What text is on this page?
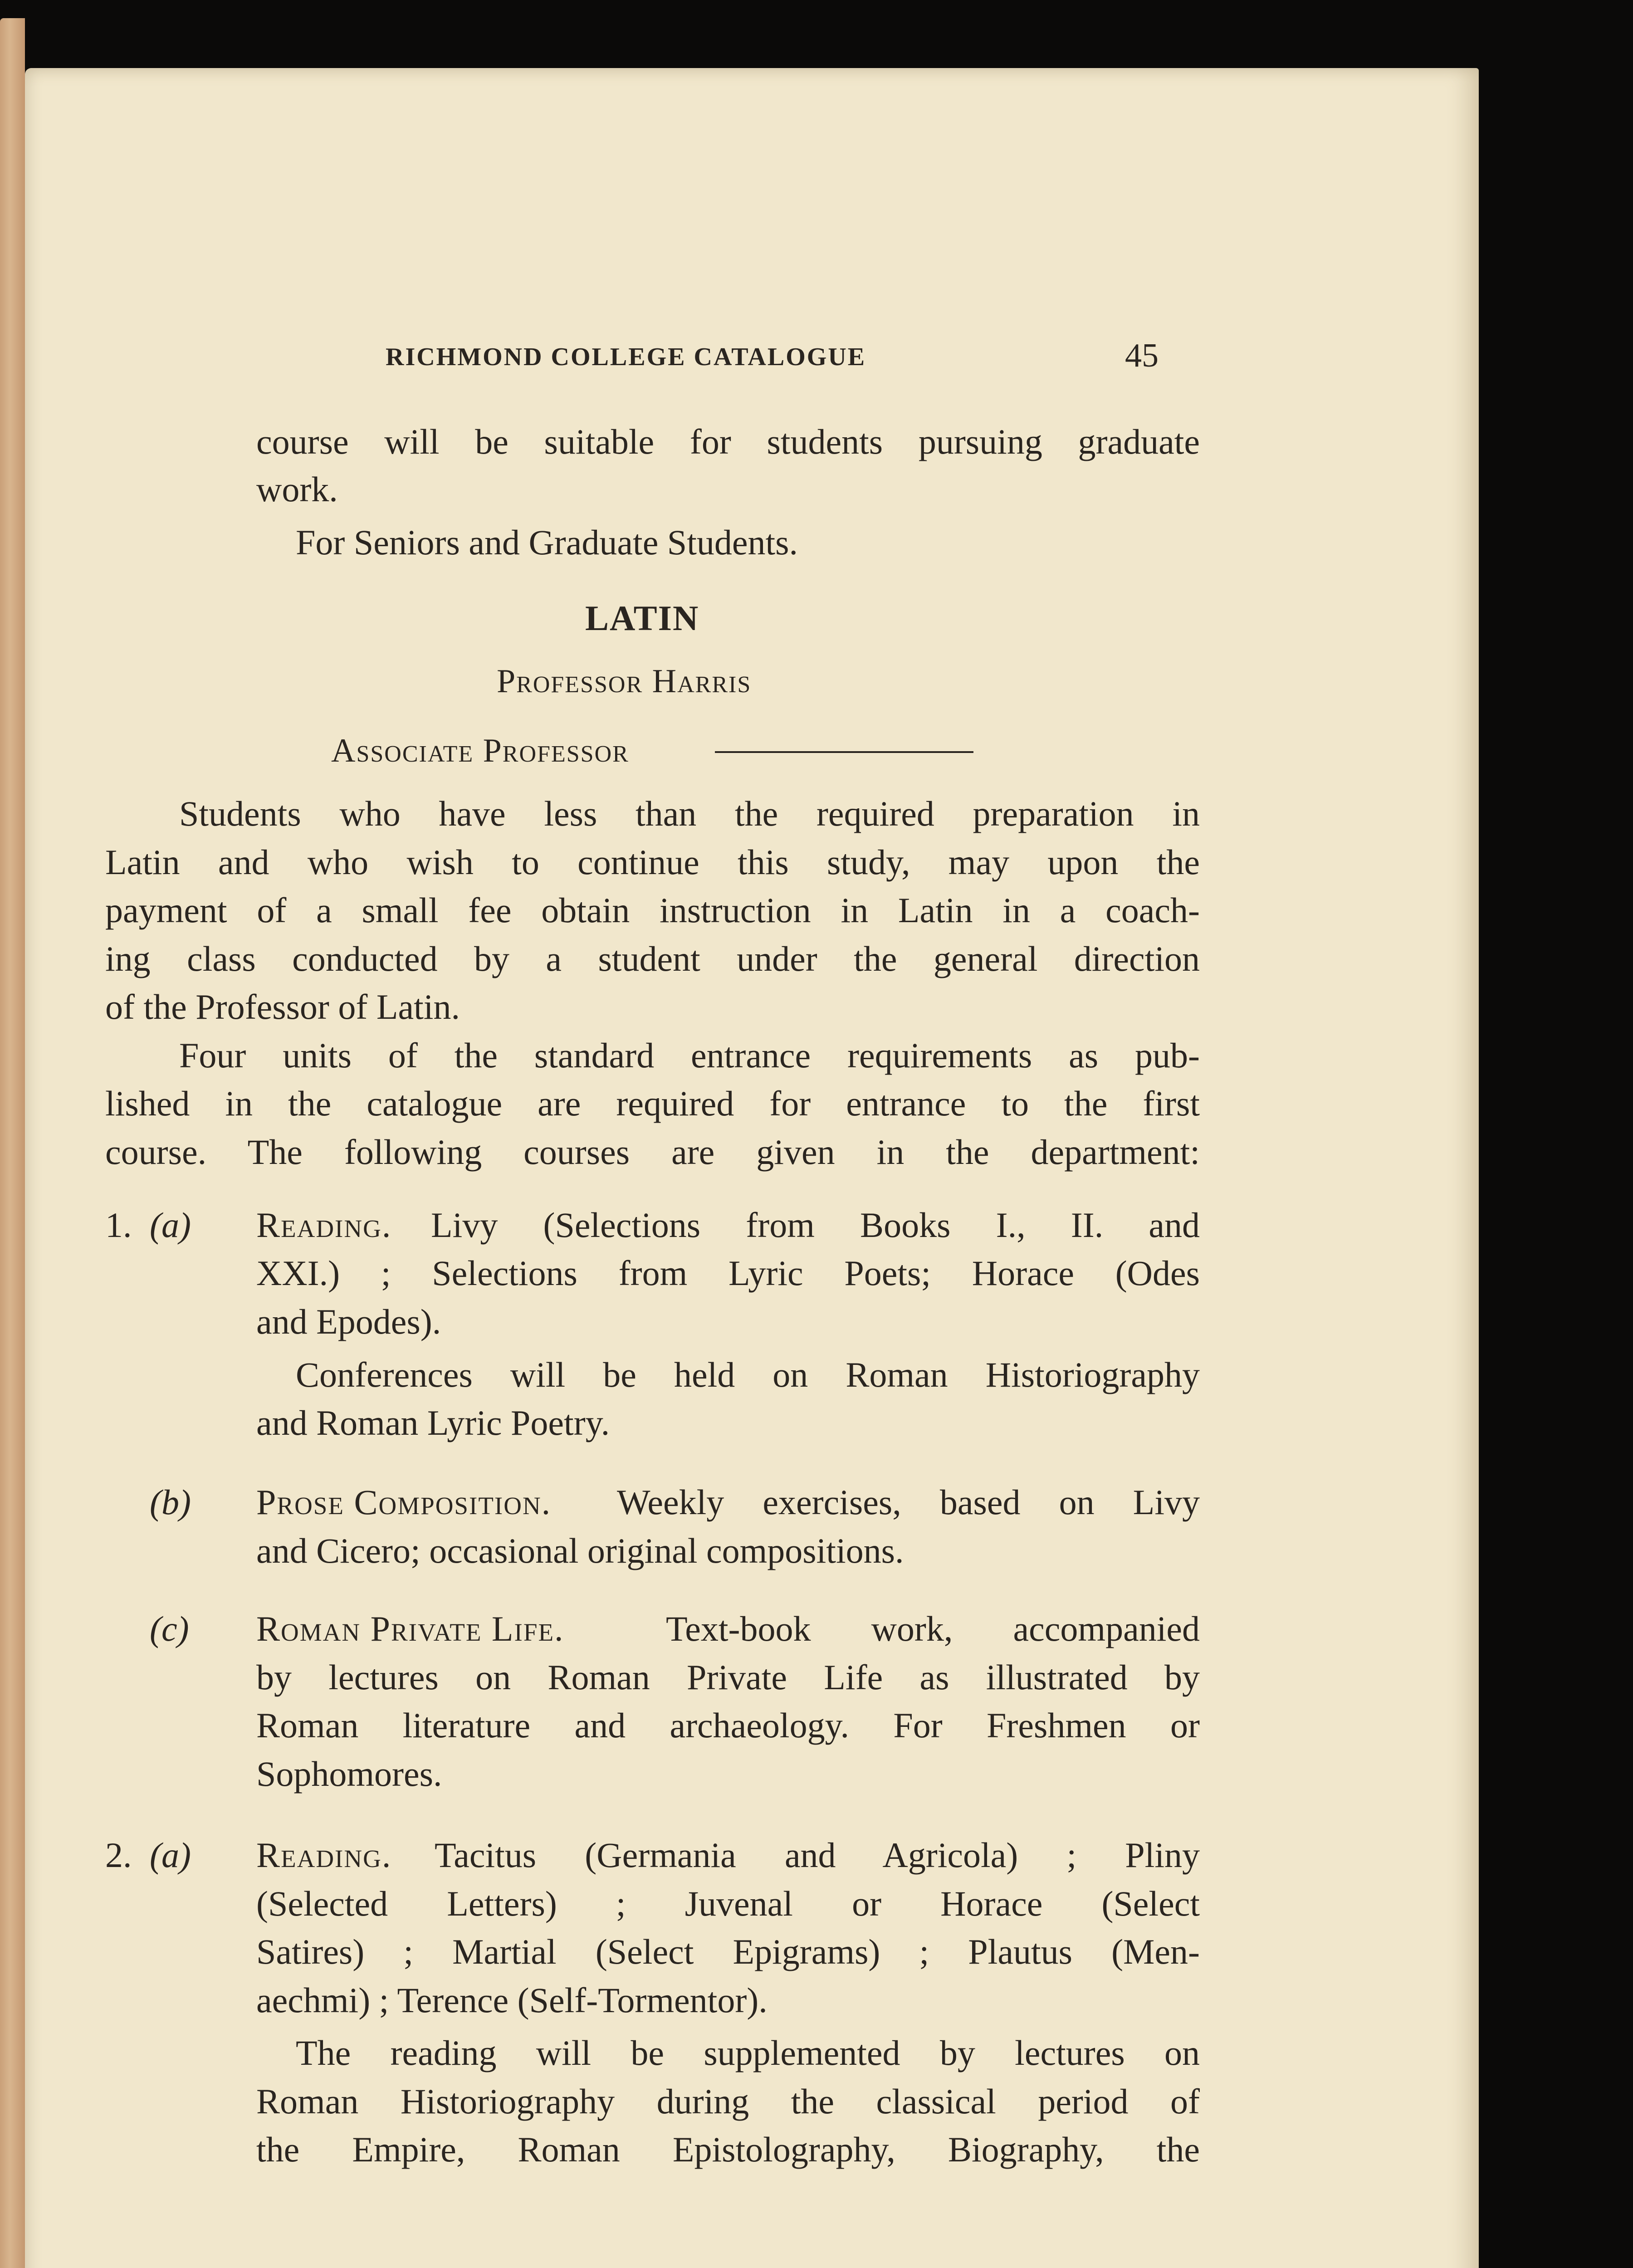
RICHMOND COLLEGE CATALOGUE	45
course will be suitable for students pursuing graduate
work.
For Seniors and Graduate Students.
LATIN
Professor Harris
Associate Professor
Students who have less than the required preparation in
Latin and who wish to continue this study, may upon the
payment of a small fee obtain instruction in Latin in a coach-
ing class conducted by a student under the general direction
of the Professor of Latin.
Four units of the standard entrance requirements as pub-
lished in the catalogue are required for entrance to the first
course. The following courses are given in the department:
1. (a) Reading. Livy (Selections from Books I., II. and
XXI.) ; Selections from Lyric Poets; Horace (Odes
and Epodes).
Conferences will be held on Roman Historiography
and Roman Lyric Poetry.
(b) Prose Composition. Weekly exercises, based on Livy
and Cicero; occasional original compositions.
(c) Roman Private Life.	Text-book work, accompanied
by lectures on Roman Private Life as illustrated by
Roman literature and archaeology. For Freshmen or
Sophomores.
2. (a) Reading. Tacitus (Germania and Agricola) ; Pliny
(Selected Letters) ; Juvenal or Horace (Select
Satires) ; Martial (Select Epigrams) ; Plautus (Men-
aechmi) ; Terence (Self-Tormentor).
The reading will be supplemented by lectures on
Roman Historiography during the classical period of
the Empire, Roman Epistolography, Biography, the
